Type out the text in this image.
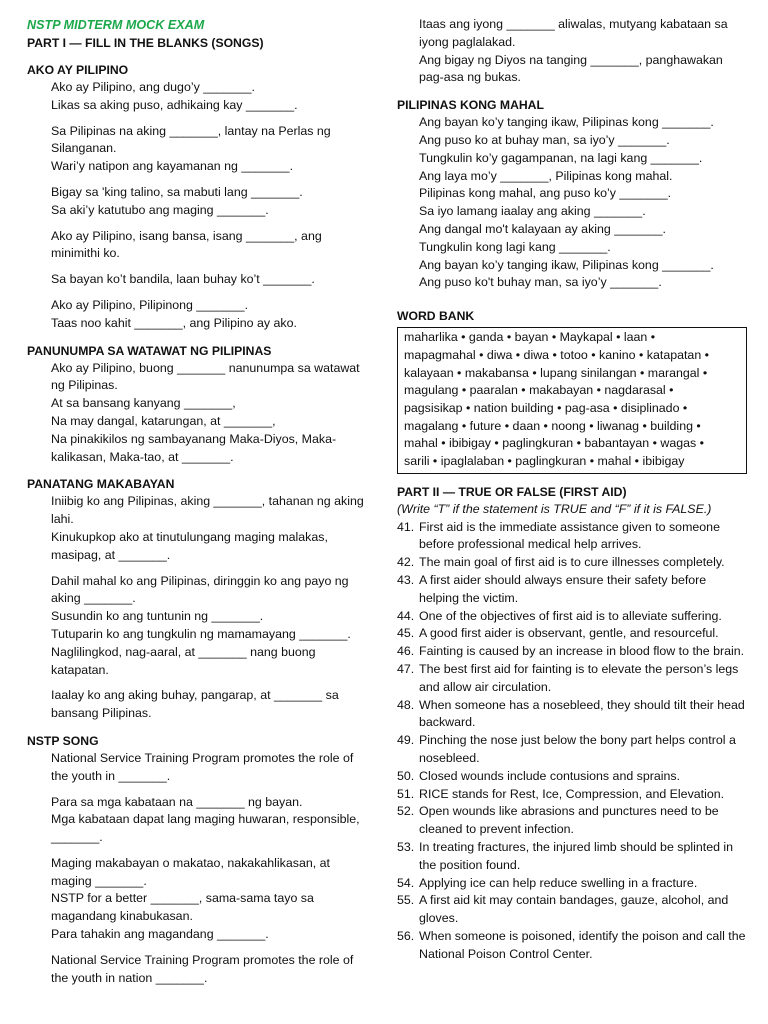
NSTP MIDTERM MOCK EXAM
PART I — FILL IN THE BLANKS (SONGS)
AKO AY PILIPINO
Ako ay Pilipino, ang dugo’y _______.
Likas sa aking puso, adhikaing kay _______.
Sa Pilipinas na aking _______, lantay na Perlas ng Silanganan.
Wari’y natipon ang kayamanan ng _______.
Bigay sa 'king talino, sa mabuti lang _______.
Sa aki’y katutubo ang maging _______.
Ako ay Pilipino, isang bansa, isang _______, ang minimithi ko.
Sa bayan ko’t bandila, laan buhay ko’t _______.
Ako ay Pilipino, Pilipinong _______.
Taas noo kahit _______, ang Pilipino ay ako.
PANUNUMPA SA WATAWAT NG PILIPINAS
Ako ay Pilipino, buong _______ nanunumpa sa watawat ng Pilipinas.
At sa bansang kanyang _______,
Na may dangal, katarungan, at _______,
Na pinakikilos ng sambayanang Maka-Diyos, Maka-kalikasan, Maka-tao, at _______.
PANATANG MAKABAYAN
Iniibig ko ang Pilipinas, aking _______, tahanan ng aking lahi.
Kinukupkop ako at tinutulungang maging malakas, masipag, at _______.
Dahil mahal ko ang Pilipinas, diringgin ko ang payo ng aking _______.
Susundin ko ang tuntunin ng _______.
Tutuparin ko ang tungkulin ng mamamayang _______.
Naglilingkod, nag-aaral, at _______ nang buong katapatan.
Iaalay ko ang aking buhay, pangarap, at _______ sa bansang Pilipinas.
NSTP SONG
National Service Training Program promotes the role of the youth in _______.
Para sa mga kabataan na _______ ng bayan.
Mga kabataan dapat lang maging huwaran, responsible, _______.
Maging makabayan o makatao, nakakahlikasan, at maging _______.
NSTP for a better _______, sama-sama tayo sa magandang kinabukasan.
Para tahakin ang magandang _______.
National Service Training Program promotes the role of the youth in nation _______.
Itaas ang iyong _______ aliwalas, mutyang kabataan sa iyong paglalakad.
Ang bigay ng Diyos na tanging _______, panghawakan pag-asa ng bukas.
PILIPINAS KONG MAHAL
Ang bayan ko’y tanging ikaw, Pilipinas kong _______.
Ang puso ko at buhay man, sa iyo’y _______.
Tungkulin ko’y gagampanan, na lagi kang _______.
Ang laya mo’y _______, Pilipinas kong mahal.
Pilipinas kong mahal, ang puso ko’y _______.
Sa iyo lamang iaalay ang aking _______.
Ang dangal mo't kalayaan ay aking _______.
Tungkulin kong lagi kang _______.
Ang bayan ko’y tanging ikaw, Pilipinas kong _______.
Ang puso ko't buhay man, sa iyo’y _______.
WORD BANK
maharlika • ganda • bayan • Maykapal • laan •
mapagmahal • diwa • diwa • totoo • kanino • katapatan •
kalayaan • makabansa • lupang sinilangan • marangal •
magulang • paaralan • makabayan • nagdarasal •
pagsisikap • nation building • pag-asa • disiplinado •
magalang • future • daan • noong • liwanag • building •
mahal • ibibigay • paglingkuran • babantayan • wagas •
sarili • ipaglalaban • paglingkuran • mahal • ibibigay
PART II — TRUE OR FALSE (FIRST AID)
(Write “T” if the statement is TRUE and “F” if it is FALSE.)
41. First aid is the immediate assistance given to someone before professional medical help arrives.
42. The main goal of first aid is to cure illnesses completely.
43. A first aider should always ensure their safety before helping the victim.
44. One of the objectives of first aid is to alleviate suffering.
45. A good first aider is observant, gentle, and resourceful.
46. Fainting is caused by an increase in blood flow to the brain.
47. The best first aid for fainting is to elevate the person’s legs and allow air circulation.
48. When someone has a nosebleed, they should tilt their head backward.
49. Pinching the nose just below the bony part helps control a nosebleed.
50. Closed wounds include contusions and sprains.
51. RICE stands for Rest, Ice, Compression, and Elevation.
52. Open wounds like abrasions and punctures need to be cleaned to prevent infection.
53. In treating fractures, the injured limb should be splinted in the position found.
54. Applying ice can help reduce swelling in a fracture.
55. A first aid kit may contain bandages, gauze, alcohol, and gloves.
56. When someone is poisoned, identify the poison and call the National Poison Control Center.
